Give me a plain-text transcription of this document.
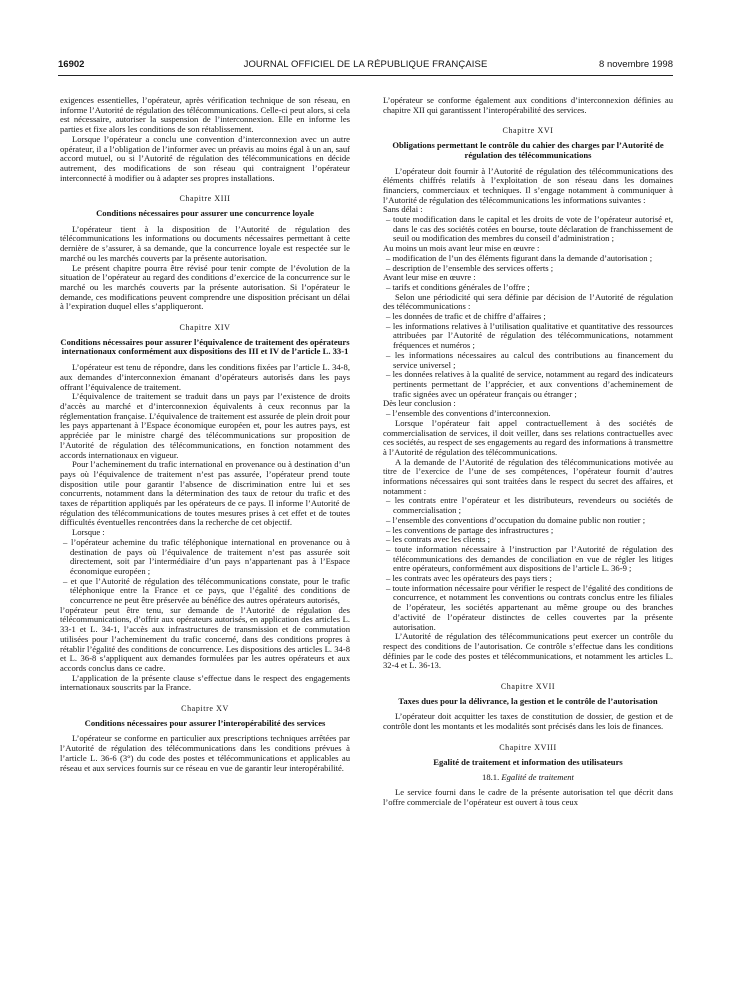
16902	JOURNAL OFFICIEL DE LA RÉPUBLIQUE FRANÇAISE	8 novembre 1998

exigences essentielles, l’opérateur, après vérification technique de son réseau, en informe l’Autorité de régulation des télécommunications. Celle-ci peut alors, si cela est nécessaire, autoriser la suspension de l’interconnexion. Elle en informe les parties et fixe alors les conditions de son rétablissement.

Lorsque l’opérateur a conclu une convention d’interconnexion avec un autre opérateur, il a l’obligation de l’informer avec un préavis au moins égal à un an, sauf accord mutuel, ou si l’Autorité de régulation des télécommunications en décide autrement, des modifications de son réseau qui contraignent l’opérateur interconnecté à modifier ou à adapter ses propres installations.

Chapitre XIII
Conditions nécessaires pour assurer une concurrence loyale

L’opérateur tient à la disposition de l’Autorité de régulation des télécommunications les informations ou documents nécessaires permettant à cette dernière de s’assurer, à sa demande, que la concurrence loyale est respectée sur le marché ou les marchés couverts par la présente autorisation.

Le présent chapitre pourra être révisé pour tenir compte de l’évolution de la situation de l’opérateur au regard des conditions d’exercice de la concurrence sur le marché ou les marchés couverts par la présente autorisation. Si l’opérateur le demande, ces modifications peuvent comprendre une disposition précisant un délai à l’expiration duquel elles s’appliqueront.

Chapitre XIV
Conditions nécessaires pour assurer l’équivalence de traitement des opérateurs internationaux conformément aux dispositions des III et IV de l’article L. 33-1

L’opérateur est tenu de répondre, dans les conditions fixées par l’article L. 34-8, aux demandes d’interconnexion émanant d’opérateurs autorisés dans les pays offrant l’équivalence de traitement.

L’équivalence de traitement se traduit dans un pays par l’existence de droits d’accès au marché et d’interconnexion équivalents à ceux reconnus par la réglementation française. L’équivalence de traitement est assurée de plein droit pour les pays appartenant à l’Espace économique européen et, pour les autres pays, est appréciée par le ministre chargé des télécommunications sur proposition de l’Autorité de régulation des télécommunications, en fonction notamment des accords internationaux en vigueur.

Pour l’acheminement du trafic international en provenance ou à destination d’un pays où l’équivalence de traitement n’est pas assurée, l’opérateur prend toute disposition utile pour garantir l’absence de discrimination entre lui et ses concurrents, notamment dans la détermination des taux de retour du trafic et des taxes de répartition appliqués par les opérateurs de ce pays. Il informe l’Autorité de régulation des télécommunications de toutes mesures prises à cet effet et de toutes difficultés éventuelles rencontrées dans la recherche de cet objectif.

Lorsque :

– l’opérateur achemine du trafic téléphonique international en provenance ou à destination de pays où l’équivalence de traitement n’est pas assurée soit directement, soit par l’intermédiaire d’un pays n’appartenant pas à l’Espace économique européen ;

– et que l’Autorité de régulation des télécommunications constate, pour le trafic téléphonique entre la France et ce pays, que l’égalité des conditions de concurrence ne peut être préservée au bénéfice des autres opérateurs autorisés,

l’opérateur peut être tenu, sur demande de l’Autorité de régulation des télécommunications, d’offrir aux opérateurs autorisés, en application des articles L. 33-1 et L. 34-1, l’accès aux infrastructures de transmission et de commutation utilisées pour l’acheminement du trafic concerné, dans des conditions propres à rétablir l’égalité des conditions de concurrence. Les dispositions des articles L. 34-8 et L. 36-8 s’appliquent aux demandes formulées par les autres opérateurs et aux accords conclus dans ce cadre.

L’application de la présente clause s’effectue dans le respect des engagements internationaux souscrits par la France.

Chapitre XV
Conditions nécessaires pour assurer l’interopérabilité des services

L’opérateur se conforme en particulier aux prescriptions techniques arrêtées par l’Autorité de régulation des télécommunications dans les conditions prévues à l’article L. 36-6 (3°) du code des postes et télécommunications et applicables au réseau et aux services fournis sur ce réseau en vue de garantir leur interopérabilité.

L’opérateur se conforme également aux conditions d’interconnexion définies au chapitre XII qui garantissent l’interopérabilité des services.

Chapitre XVI
Obligations permettant le contrôle du cahier des charges par l’Autorité de régulation des télécommunications

L’opérateur doit fournir à l’Autorité de régulation des télécommunications des éléments chiffrés relatifs à l’exploitation de son réseau dans les domaines financiers, commerciaux et techniques. Il s’engage notamment à communiquer à l’Autorité de régulation des télécommunications les informations suivantes :

Sans délai :

– toute modification dans le capital et les droits de vote de l’opérateur autorisé et, dans le cas des sociétés cotées en bourse, toute déclaration de franchissement de seuil ou modification des membres du conseil d’administration ;

Au moins un mois avant leur mise en œuvre :

– modification de l’un des éléments figurant dans la demande d’autorisation ;

– description de l’ensemble des services offerts ;

Avant leur mise en œuvre :

– tarifs et conditions générales de l’offre ;

Selon une périodicité qui sera définie par décision de l’Autorité de régulation des télécommunications :

– les données de trafic et de chiffre d’affaires ;

– les informations relatives à l’utilisation qualitative et quantitative des ressources attribuées par l’Autorité de régulation des télécommunications, notamment fréquences et numéros ;

– les informations nécessaires au calcul des contributions au financement du service universel ;

– les données relatives à la qualité de service, notamment au regard des indicateurs pertinents permettant de l’apprécier, et aux conventions d’acheminement de trafic signées avec un opérateur français ou étranger ;

Dès leur conclusion :

– l’ensemble des conventions d’interconnexion.

Lorsque l’opérateur fait appel contractuellement à des sociétés de commercialisation de services, il doit veiller, dans ses relations contractuelles avec ces sociétés, au respect de ses engagements au regard des informations à transmettre à l’Autorité de régulation des télécommunications.

A la demande de l’Autorité de régulation des télécommunications motivée au titre de l’exercice de l’une de ses compétences, l’opérateur fournit d’autres informations nécessaires qui sont traitées dans le respect du secret des affaires, et notamment :

– les contrats entre l’opérateur et les distributeurs, revendeurs ou sociétés de commercialisation ;

– l’ensemble des conventions d’occupation du domaine public non routier ;

– les conventions de partage des infrastructures ;

– les contrats avec les clients ;

– toute information nécessaire à l’instruction par l’Autorité de régulation des télécommunications des demandes de conciliation en vue de régler les litiges entre opérateurs, conformément aux dispositions de l’article L. 36-9 ;

– les contrats avec les opérateurs des pays tiers ;

– toute information nécessaire pour vérifier le respect de l’égalité des conditions de concurrence, et notamment les conventions ou contrats conclus entre les filiales de l’opérateur, les sociétés appartenant au même groupe ou des branches d’activité de l’opérateur distinctes de celles couvertes par la présente autorisation.

L’Autorité de régulation des télécommunications peut exercer un contrôle du respect des conditions de l’autorisation. Ce contrôle s’effectue dans les conditions définies par le code des postes et télécommunications, et notamment les articles L. 32-4 et L. 36-13.

Chapitre XVII
Taxes dues pour la délivrance, la gestion et le contrôle de l’autorisation

L’opérateur doit acquitter les taxes de constitution de dossier, de gestion et de contrôle dont les montants et les modalités sont précisés dans les lois de finances.

Chapitre XVIII
Egalité de traitement et information des utilisateurs
18.1. Egalité de traitement

Le service fourni dans le cadre de la présente autorisation tel que décrit dans l’offre commerciale de l’opérateur est ouvert à tous ceux
